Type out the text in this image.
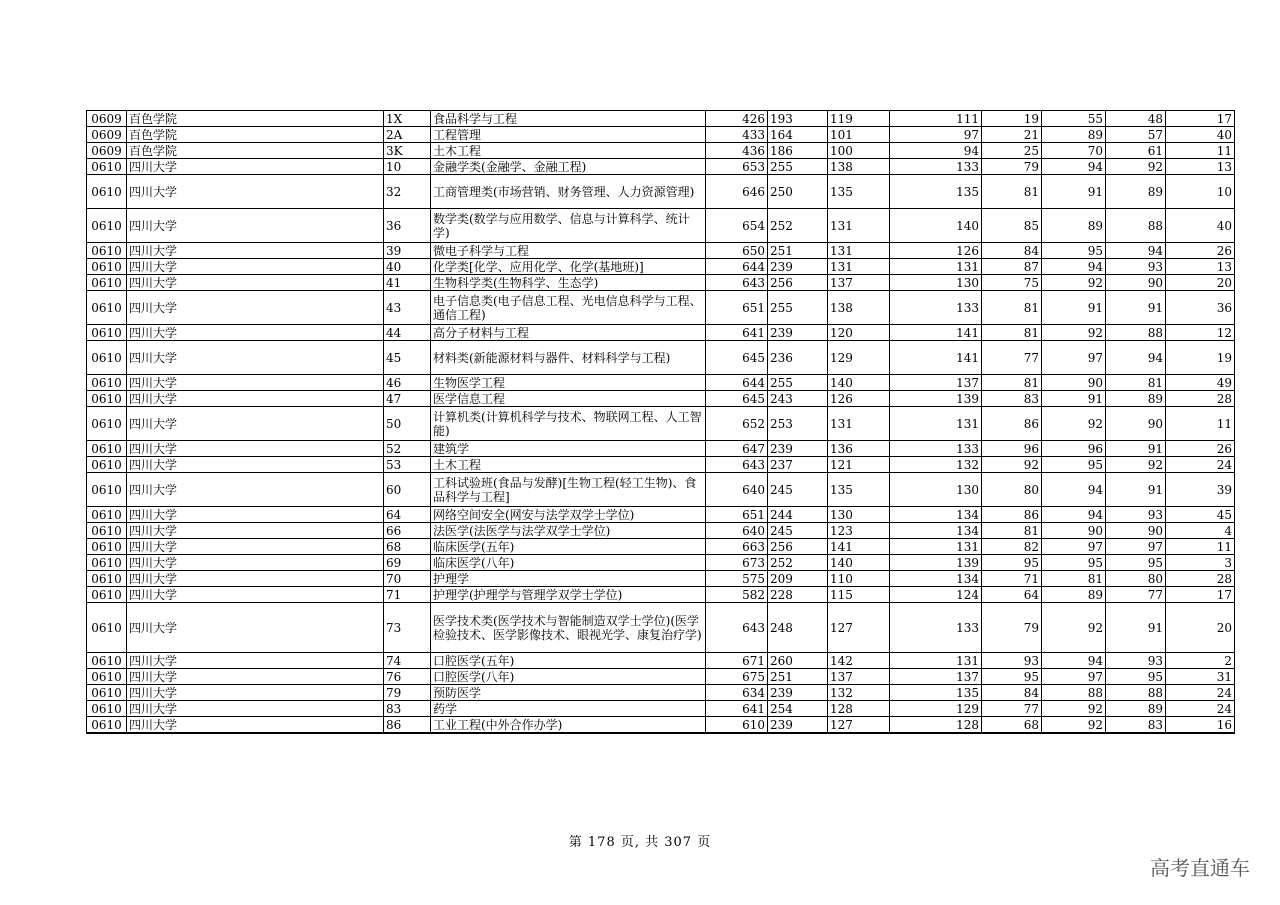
0609	百色学院	1X	食品科学与工程	426	193	119	111	19	55	48	17
0609	百色学院	2A	工程管理	433	164	101	97	21	89	57	40
0609	百色学院	3K	土木工程	436	186	100	94	25	70	61	11
0610	四川大学	10	金融学类(金融学、金融工程)	653	255	138	133	79	94	92	13
0610	四川大学	32	工商管理类(市场营销、财务管理、人力资源管理)	646	250	135	135	81	91	89	10
0610	四川大学	36	数学类(数学与应用数学、信息与计算科学、统计学)	654	252	131	140	85	89	88	40
0610	四川大学	39	微电子科学与工程	650	251	131	126	84	95	94	26
0610	四川大学	40	化学类[化学、应用化学、化学(基地班)]	644	239	131	131	87	94	93	13
0610	四川大学	41	生物科学类(生物科学、生态学)	643	256	137	130	75	92	90	20
0610	四川大学	43	电子信息类(电子信息工程、光电信息科学与工程、通信工程)	651	255	138	133	81	91	91	36
0610	四川大学	44	高分子材料与工程	641	239	120	141	81	92	88	12
0610	四川大学	45	材料类(新能源材料与器件、材料科学与工程)	645	236	129	141	77	97	94	19
0610	四川大学	46	生物医学工程	644	255	140	137	81	90	81	49
0610	四川大学	47	医学信息工程	645	243	126	139	83	91	89	28
0610	四川大学	50	计算机类(计算机科学与技术、物联网工程、人工智能)	652	253	131	131	86	92	90	11
0610	四川大学	52	建筑学	647	239	136	133	96	96	91	26
0610	四川大学	53	土木工程	643	237	121	132	92	95	92	24
0610	四川大学	60	工科试验班(食品与发酵)[生物工程(轻工生物)、食品科学与工程]	640	245	135	130	80	94	91	39
0610	四川大学	64	网络空间安全(网安与法学双学士学位)	651	244	130	134	86	94	93	45
0610	四川大学	66	法医学(法医学与法学双学士学位)	640	245	123	134	81	90	90	4
0610	四川大学	68	临床医学(五年)	663	256	141	131	82	97	97	11
0610	四川大学	69	临床医学(八年)	673	252	140	139	95	95	95	3
0610	四川大学	70	护理学	575	209	110	134	71	81	80	28
0610	四川大学	71	护理学(护理学与管理学双学士学位)	582	228	115	124	64	89	77	17
0610	四川大学	73	医学技术类(医学技术与智能制造双学士学位)(医学检验技术、医学影像技术、眼视光学、康复治疗学)	643	248	127	133	79	92	91	20
0610	四川大学	74	口腔医学(五年)	671	260	142	131	93	94	93	2
0610	四川大学	76	口腔医学(八年)	675	251	137	137	95	97	95	31
0610	四川大学	79	预防医学	634	239	132	135	84	88	88	24
0610	四川大学	83	药学	641	254	128	129	77	92	89	24
0610	四川大学	86	工业工程(中外合作办学)	610	239	127	128	68	92	83	16
第 178 页, 共 307 页
高考直通车
